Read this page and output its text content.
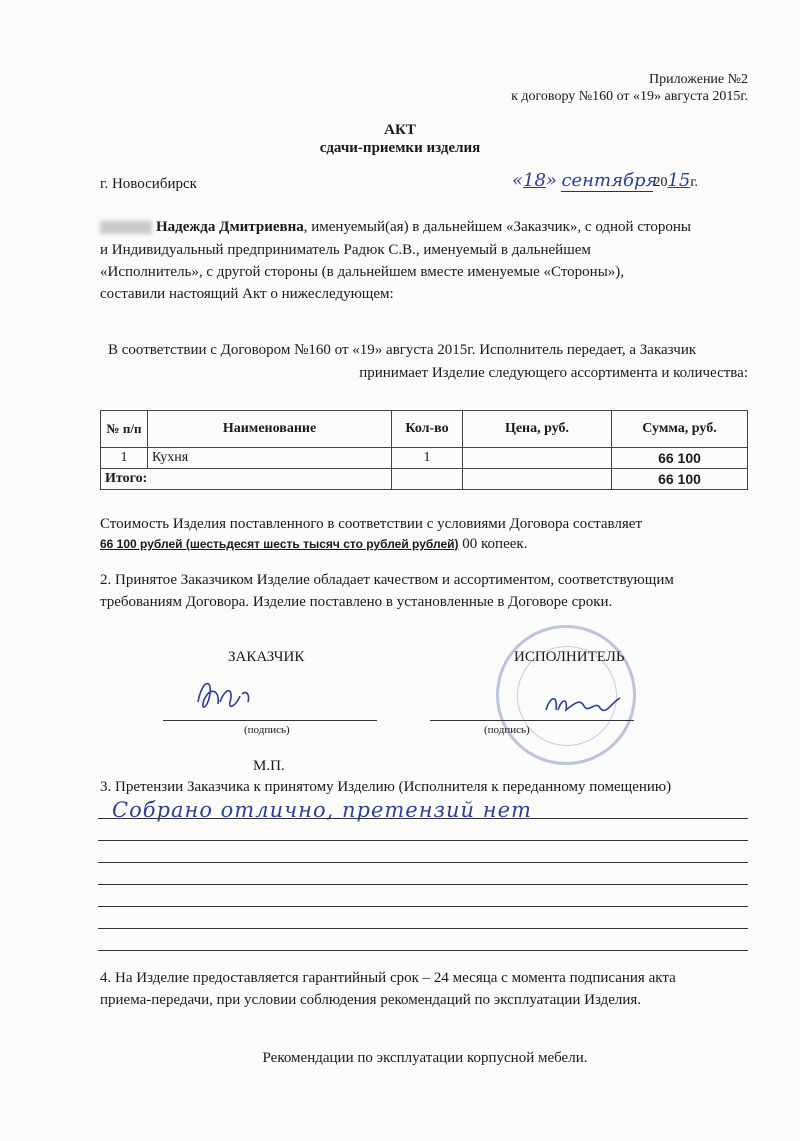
Приложение №2
к договору №160 от «19» августа 2015г.
АКТ
сдачи-приемки изделия
г. Новосибирск	«18» сентября2015г.
Надежда Дмитриевна, именуемый(ая) в дальнейшем «Заказчик», с одной стороны
и Индивидуальный предприниматель Радюк С.В., именуемый в дальнейшем
«Исполнитель», с другой стороны (в дальнейшем вместе именуемые «Стороны»),
составили настоящий Акт о нижеследующем:
В соответствии с Договором №160 от «19» августа 2015г. Исполнитель передает, а Заказчик
принимает Изделие следующего ассортимента и количества:
№ п/п	Наименование	Кол-во	Цена, руб.	Сумма, руб.
1	Кухня	1		66 100
Итого:				66 100
Стоимость Изделия поставленного в соответствии с условиями Договора составляет
66 100 рублей (шестьдесят шесть тысяч сто рублей рублей) 00 копеек.
2. Принятое Заказчиком Изделие обладает качеством и ассортиментом, соответствующим
требованиям Договора. Изделие поставлено в установленные в Договоре сроки.
ЗАКАЗЧИК	ИСПОЛНИТЕЛЬ
(подпись)	(подпись)
М.П.
3. Претензии Заказчика к принятому Изделию (Исполнителя к переданному помещению)
Собрано отлично, претензий нет
4. На Изделие предоставляется гарантийный срок – 24 месяца с момента подписания акта
приема-передачи, при условии соблюдения рекомендаций по эксплуатации Изделия.
Рекомендации по эксплуатации корпусной мебели.
